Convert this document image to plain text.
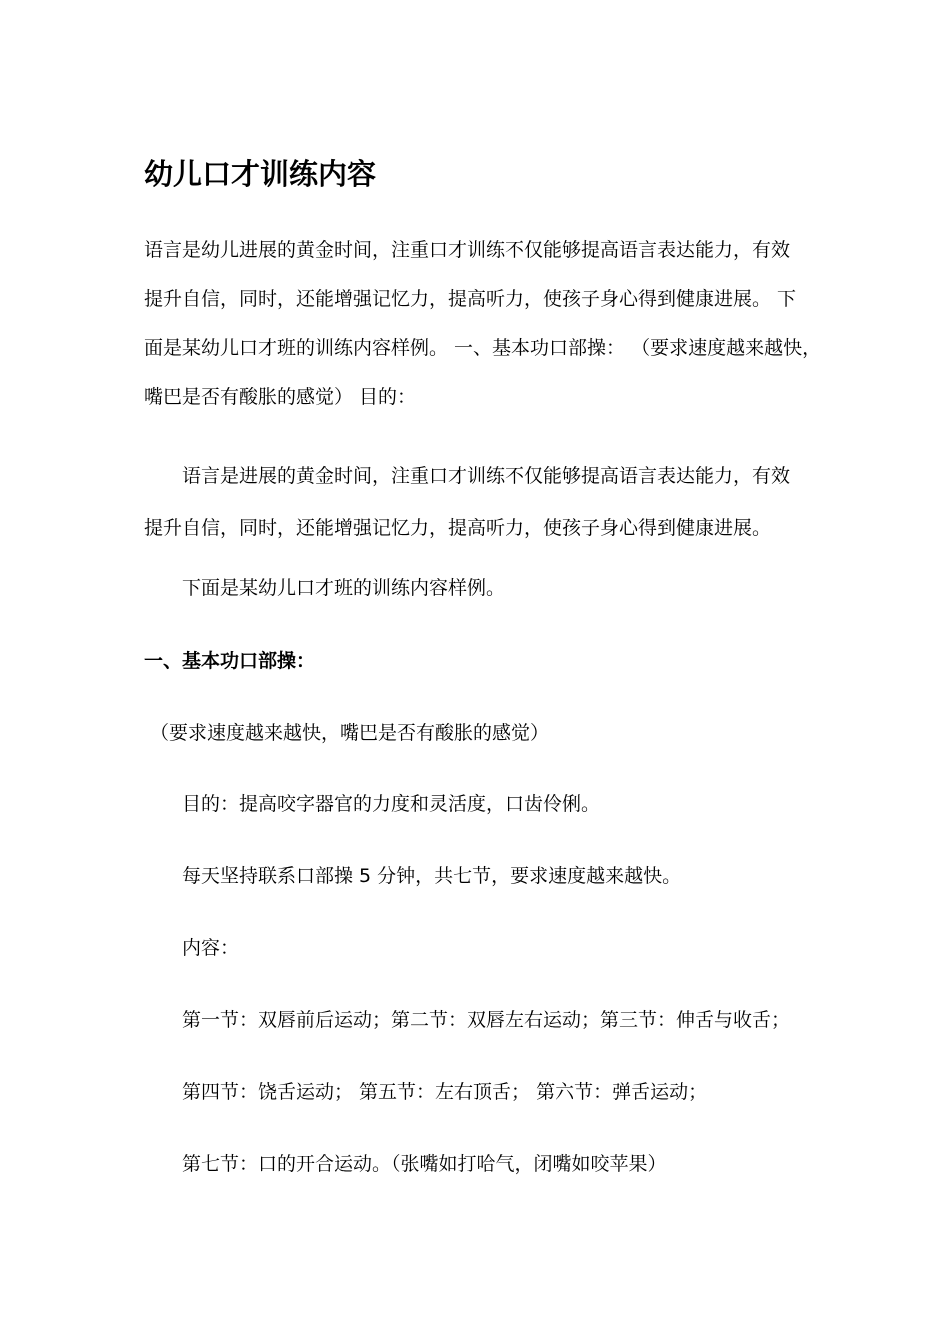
幼儿口才训练内容

语言是幼儿进展的黄金时间，注重口才训练不仅能够提高语言表达能力，有效
提升自信，同时，还能增强记忆力，提高听力，使孩子身心得到健康进展。 下
面是某幼儿口才班的训练内容样例。 一、基本功口部操： （要求速度越来越快，
嘴巴是否有酸胀的感觉） 目的：

语言是进展的黄金时间，注重口才训练不仅能够提高语言表达能力，有效
提升自信，同时，还能增强记忆力，提高听力，使孩子身心得到健康进展。

下面是某幼儿口才班的训练内容样例。

一、基本功口部操：

（要求速度越来越快，嘴巴是否有酸胀的感觉）

目的：提高咬字器官的力度和灵活度，口齿伶俐。

每天坚持联系口部操 5 分钟，共七节，要求速度越来越快。

内容：

第一节：双唇前后运动；第二节：双唇左右运动；第三节：伸舌与收舌；

第四节：饶舌运动； 第五节：左右顶舌； 第六节：弹舌运动；

第七节：口的开合运动。（张嘴如打哈气，闭嘴如咬苹果）
